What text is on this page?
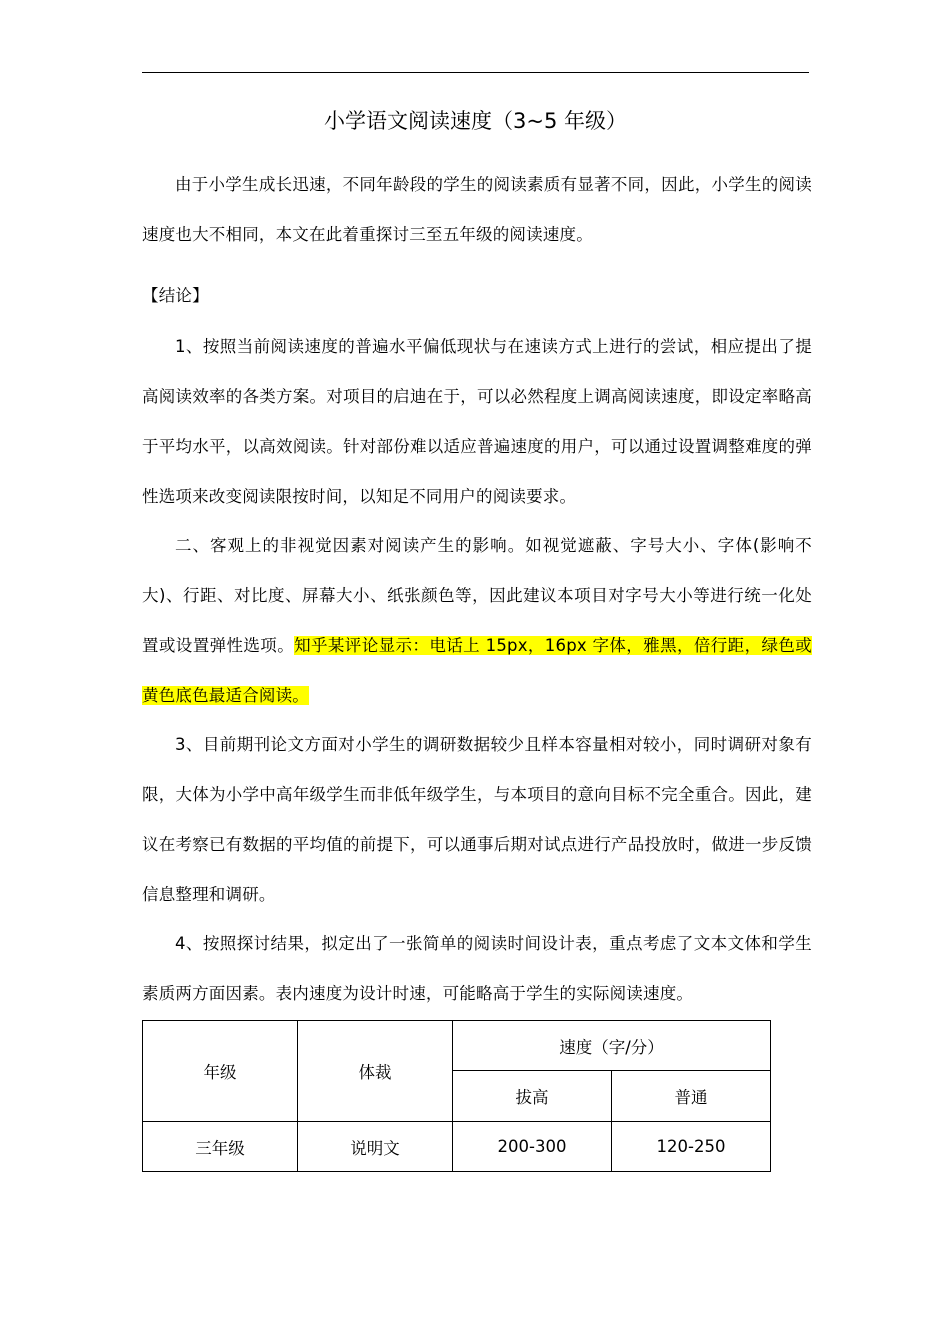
小学语文阅读速度（3~5 年级）
由于小学生成长迅速，不同年龄段的学生的阅读素质有显著不同，因此，小学生的阅读速度也大不相同，本文在此着重探讨三至五年级的阅读速度。
【结论】
1、按照当前阅读速度的普遍水平偏低现状与在速读方式上进行的尝试，相应提出了提高阅读效率的各类方案。对项目的启迪在于，可以必然程度上调高阅读速度，即设定率略高于平均水平，以高效阅读。针对部份难以适应普遍速度的用户，可以通过设置调整难度的弹性选项来改变阅读限按时间，以知足不同用户的阅读要求。
二、客观上的非视觉因素对阅读产生的影响。如视觉遮蔽、字号大小、字体(影响不大)、行距、对比度、屏幕大小、纸张颜色等，因此建议本项目对字号大小等进行统一化处置或设置弹性选项。知乎某评论显示：电话上 15px，16px 字体，雅黑，倍行距，绿色或黄色底色最适合阅读。
3、目前期刊论文方面对小学生的调研数据较少且样本容量相对较小，同时调研对象有限，大体为小学中高年级学生而非低年级学生，与本项目的意向目标不完全重合。因此，建议在考察已有数据的平均值的前提下，可以通事后期对试点进行产品投放时，做进一步反馈信息整理和调研。
4、按照探讨结果，拟定出了一张简单的阅读时间设计表，重点考虑了文本文体和学生素质两方面因素。表内速度为设计时速，可能略高于学生的实际阅读速度。
年级	体裁	速度（字/分）	
		拔高	普通
三年级	说明文	200-300	120-250
